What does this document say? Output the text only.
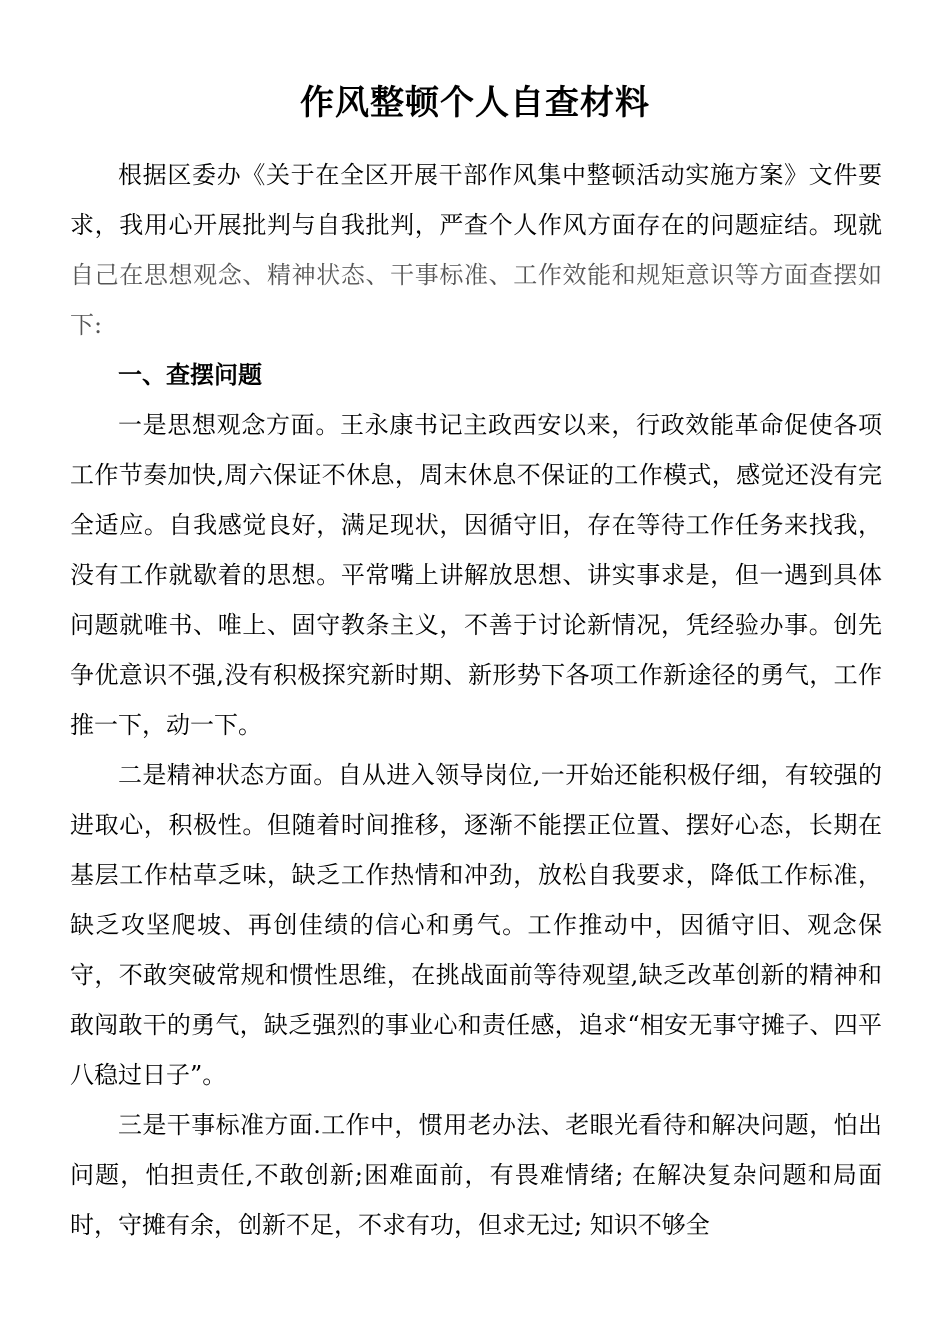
作风整顿个人自查材料

根据区委办《关于在全区开展干部作风集中整顿活动实施方案》文件要求，我用心开展批判与自我批判，严查个人作风方面存在的问题症结。现就自己在思想观念、精神状态、干事标准、工作效能和规矩意识等方面查摆如下:

一、查摆问题

一是思想观念方面。王永康书记主政西安以来，行政效能革命促使各项工作节奏加快,周六保证不休息，周末休息不保证的工作模式，感觉还没有完全适应。自我感觉良好，满足现状，因循守旧，存在等待工作任务来找我，没有工作就歇着的思想。平常嘴上讲解放思想、讲实事求是，但一遇到具体问题就唯书、唯上、固守教条主义，不善于讨论新情况，凭经验办事。创先争优意识不强,没有积极探究新时期、新形势下各项工作新途径的勇气，工作推一下，动一下。

二是精神状态方面。自从进入领导岗位,一开始还能积极仔细，有较强的进取心，积极性。但随着时间推移，逐渐不能摆正位置、摆好心态，长期在基层工作枯草乏味，缺乏工作热情和冲劲，放松自我要求，降低工作标准，缺乏攻坚爬坡、再创佳绩的信心和勇气。工作推动中，因循守旧、观念保守，不敢突破常规和惯性思维，在挑战面前等待观望,缺乏改革创新的精神和敢闯敢干的勇气，缺乏强烈的事业心和责任感，追求“相安无事守摊子、四平八稳过日子”。

三是干事标准方面.工作中，惯用老办法、老眼光看待和解决问题，怕出问题，怕担责任,不敢创新;困难面前，有畏难情绪; 在解决复杂问题和局面时，守摊有余，创新不足，不求有功，但求无过; 知识不够全
